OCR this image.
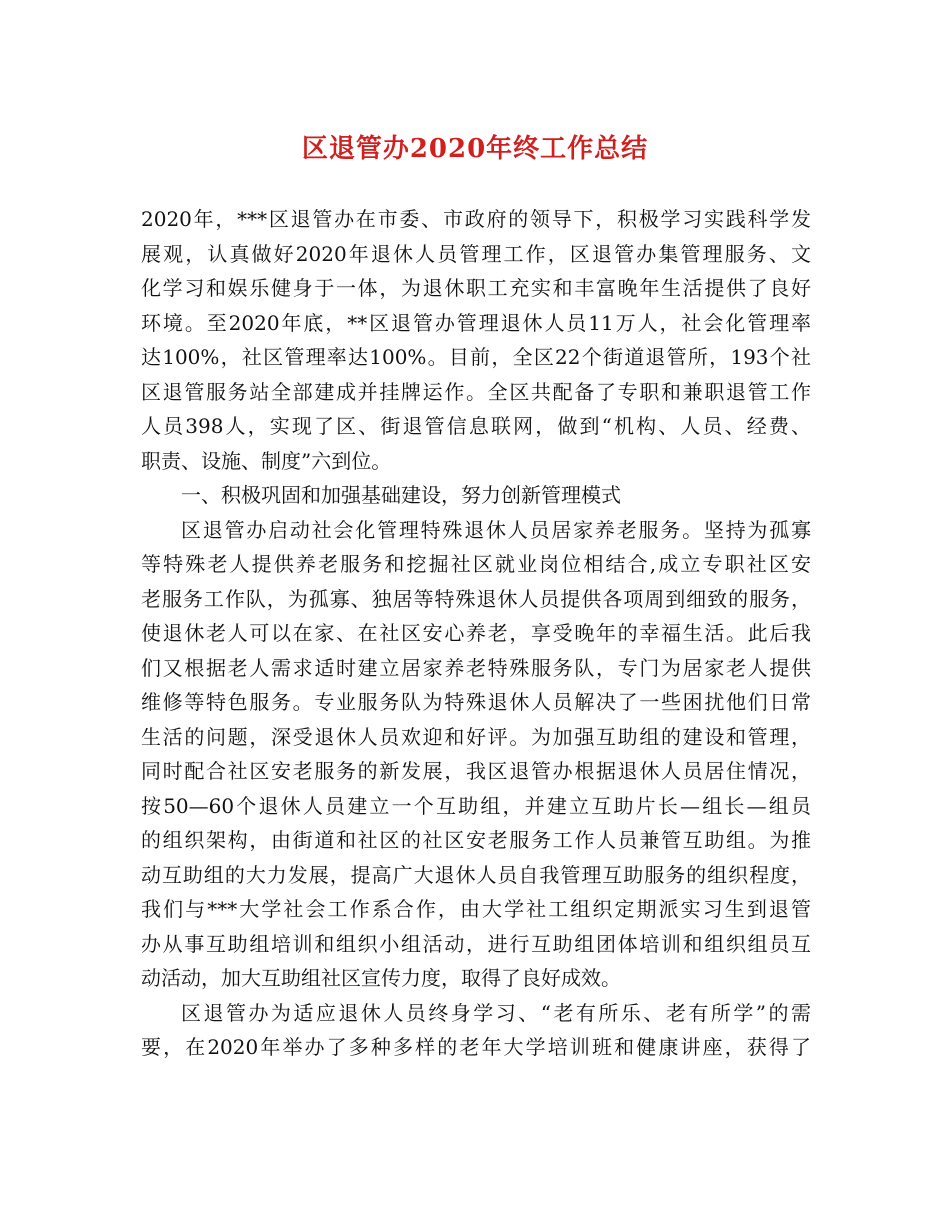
区退管办2020年终工作总结
2020年，***区退管办在市委、市政府的领导下，积极学习实践科学发
展观，认真做好2020年退休人员管理工作，区退管办集管理服务、文
化学习和娱乐健身于一体，为退休职工充实和丰富晚年生活提供了良好
环境。至2020年底，**区退管办管理退休人员11万人，社会化管理率
达100%，社区管理率达100%。目前，全区22个街道退管所，193个社
区退管服务站全部建成并挂牌运作。全区共配备了专职和兼职退管工作
人员398人，实现了区、街退管信息联网，做到“机构、人员、经费、
职责、设施、制度”六到位。
一、积极巩固和加强基础建设，努力创新管理模式
区退管办启动社会化管理特殊退休人员居家养老服务。坚持为孤寡
等特殊老人提供养老服务和挖掘社区就业岗位相结合,成立专职社区安
老服务工作队，为孤寡、独居等特殊退休人员提供各项周到细致的服务，
使退休老人可以在家、在社区安心养老，享受晚年的幸福生活。此后我
们又根据老人需求适时建立居家养老特殊服务队，专门为居家老人提供
维修等特色服务。专业服务队为特殊退休人员解决了一些困扰他们日常
生活的问题，深受退休人员欢迎和好评。为加强互助组的建设和管理，
同时配合社区安老服务的新发展，我区退管办根据退休人员居住情况，
按50—60个退休人员建立一个互助组，并建立互助片长—组长—组员
的组织架构，由街道和社区的社区安老服务工作人员兼管互助组。为推
动互助组的大力发展，提高广大退休人员自我管理互助服务的组织程度，
我们与***大学社会工作系合作，由大学社工组织定期派实习生到退管
办从事互助组培训和组织小组活动，进行互助组团体培训和组织组员互
动活动，加大互助组社区宣传力度，取得了良好成效。
区退管办为适应退休人员终身学习、“老有所乐、老有所学”的需
要，在2020年举办了多种多样的老年大学培训班和健康讲座，获得了
